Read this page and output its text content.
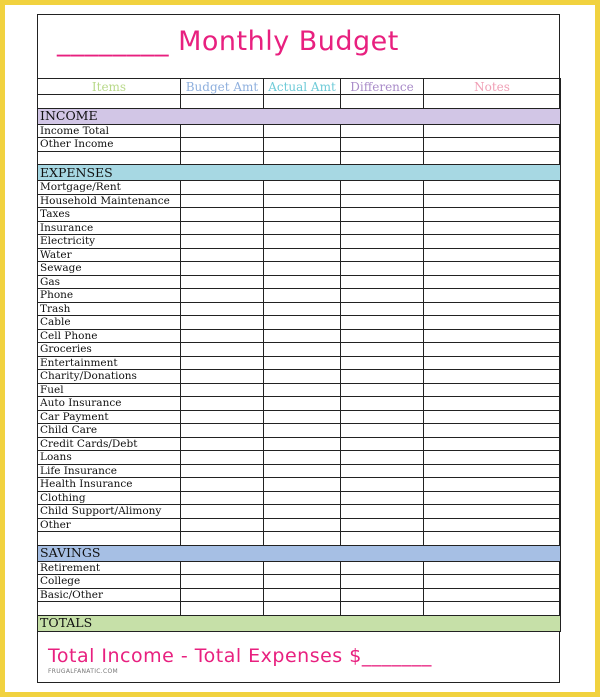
________ Monthly Budget
Items	Budget Amt	Actual Amt	Difference	Notes

INCOME				
Income Total				
Other Income				

EXPENSES				
Mortgage/Rent				
Household Maintenance				
Taxes				
Insurance				
Electricity				
Water				
Sewage				
Gas				
Phone				
Trash				
Cable				
Cell Phone				
Groceries				
Entertainment				
Charity/Donations				
Fuel				
Auto Insurance				
Car Payment				
Child Care				
Credit Cards/Debt				
Loans				
Life Insurance				
Health Insurance				
Clothing				
Child Support/Alimony				
Other				

SAVINGS				
Retirement				
College				
Basic/Other				

TOTALS				
Total Income - Total Expenses $_______
FRUGALFANATIC.COM
